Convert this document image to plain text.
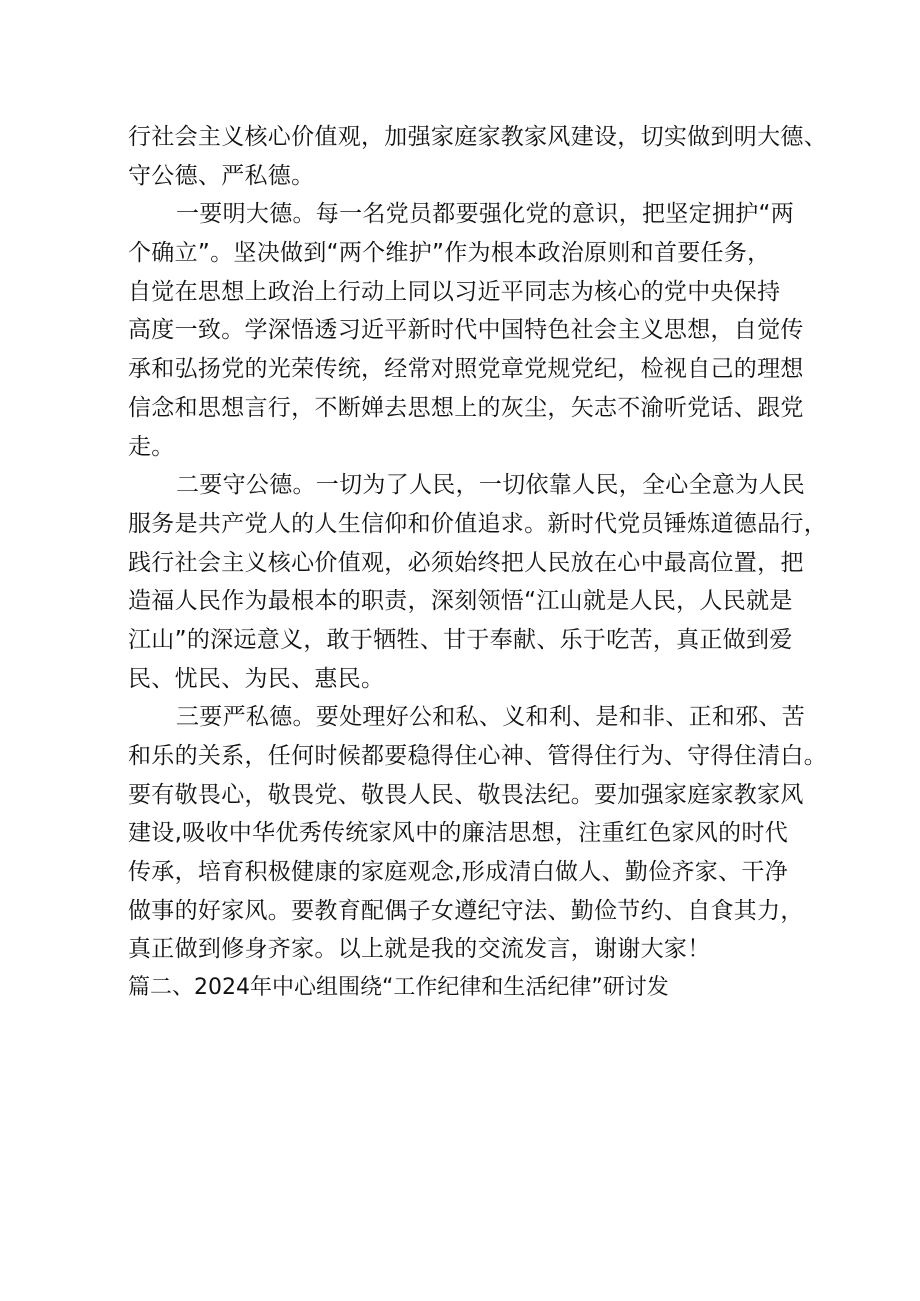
行社会主义核心价值观，加强家庭家教家风建设，切实做到明大德、
守公德、严私德。
一要明大德。每一名党员都要强化党的意识，把坚定拥护“两
个确立”。坚决做到“两个维护”作为根本政治原则和首要任务，
自觉在思想上政治上行动上同以习近平同志为核心的党中央保持
高度一致。学深悟透习近平新时代中国特色社会主义思想，自觉传
承和弘扬党的光荣传统，经常对照党章党规党纪，检视自己的理想
信念和思想言行，不断婵去思想上的灰尘，矢志不渝听党话、跟党
走。
二要守公德。一切为了人民，一切依靠人民，全心全意为人民
服务是共产党人的人生信仰和价值追求。新时代党员锤炼道德品行，
践行社会主义核心价值观，必须始终把人民放在心中最高位置，把
造福人民作为最根本的职责，深刻领悟“江山就是人民，人民就是
江山”的深远意义，敢于牺牲、甘于奉献、乐于吃苦，真正做到爱
民、忧民、为民、惠民。
三要严私德。要处理好公和私、义和利、是和非、正和邪、苦
和乐的关系，任何时候都要稳得住心神、管得住行为、守得住清白。
要有敬畏心，敬畏党、敬畏人民、敬畏法纪。要加强家庭家教家风
建设,吸收中华优秀传统家风中的廉洁思想，注重红色家风的时代
传承，培育积极健康的家庭观念,形成清白做人、勤俭齐家、干净
做事的好家风。要教育配偶子女遵纪守法、勤俭节约、自食其力，
真正做到修身齐家。以上就是我的交流发言，谢谢大家！
篇二、2024年中心组围绕“工作纪律和生活纪律”研讨发
